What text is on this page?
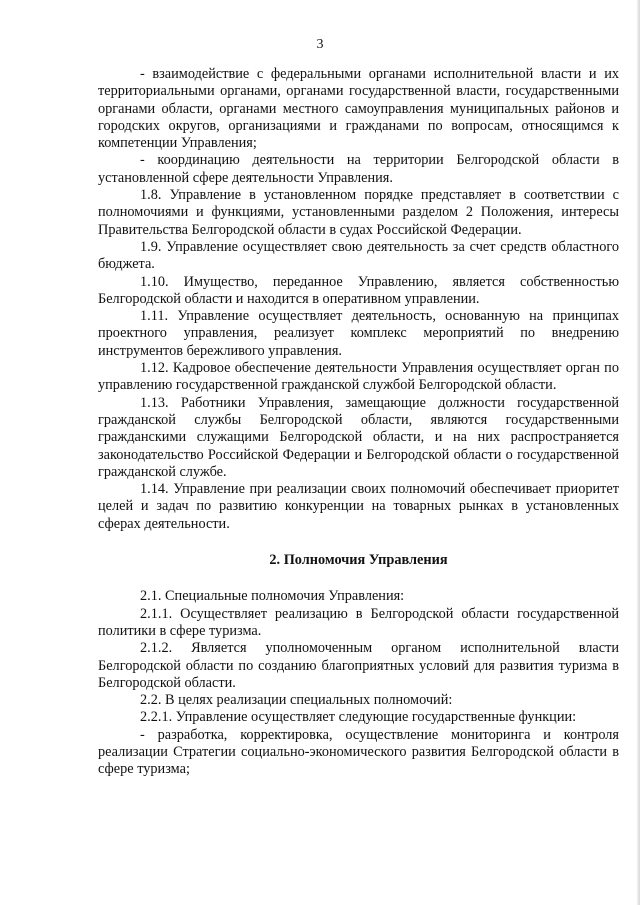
3

- взаимодействие с федеральными органами исполнительной власти и их территориальными органами, органами государственной власти, государственными органами области, органами местного самоуправления муниципальных районов и городских округов, организациями и гражданами по вопросам, относящимся к компетенции Управления;

- координацию деятельности на территории Белгородской области в установленной сфере деятельности Управления.

1.8. Управление в установленном порядке представляет в соответствии с полномочиями и функциями, установленными разделом 2 Положения, интересы Правительства Белгородской области в судах Российской Федерации.

1.9. Управление осуществляет свою деятельность за счет средств областного бюджета.

1.10. Имущество, переданное Управлению, является собственностью Белгородской области и находится в оперативном управлении.

1.11. Управление осуществляет деятельность, основанную на принципах проектного управления, реализует комплекс мероприятий по внедрению инструментов бережливого управления.

1.12. Кадровое обеспечение деятельности Управления осуществляет орган по управлению государственной гражданской службой Белгородской области.

1.13. Работники Управления, замещающие должности государственной гражданской службы Белгородской области, являются государственными гражданскими служащими Белгородской области, и на них распространяется законодательство Российской Федерации и Белгородской области о государственной гражданской службе.

1.14. Управление при реализации своих полномочий обеспечивает приоритет целей и задач по развитию конкуренции на товарных рынках в установленных сферах деятельности.

2. Полномочия Управления

2.1. Специальные полномочия Управления:

2.1.1. Осуществляет реализацию в Белгородской области государственной политики в сфере туризма.

2.1.2. Является уполномоченным органом исполнительной власти Белгородской области по созданию благоприятных условий для развития туризма в Белгородской области.

2.2. В целях реализации специальных полномочий:

2.2.1. Управление осуществляет следующие государственные функции:

- разработка, корректировка, осуществление мониторинга и контроля реализации Стратегии социально-экономического развития Белгородской области в сфере туризма;
